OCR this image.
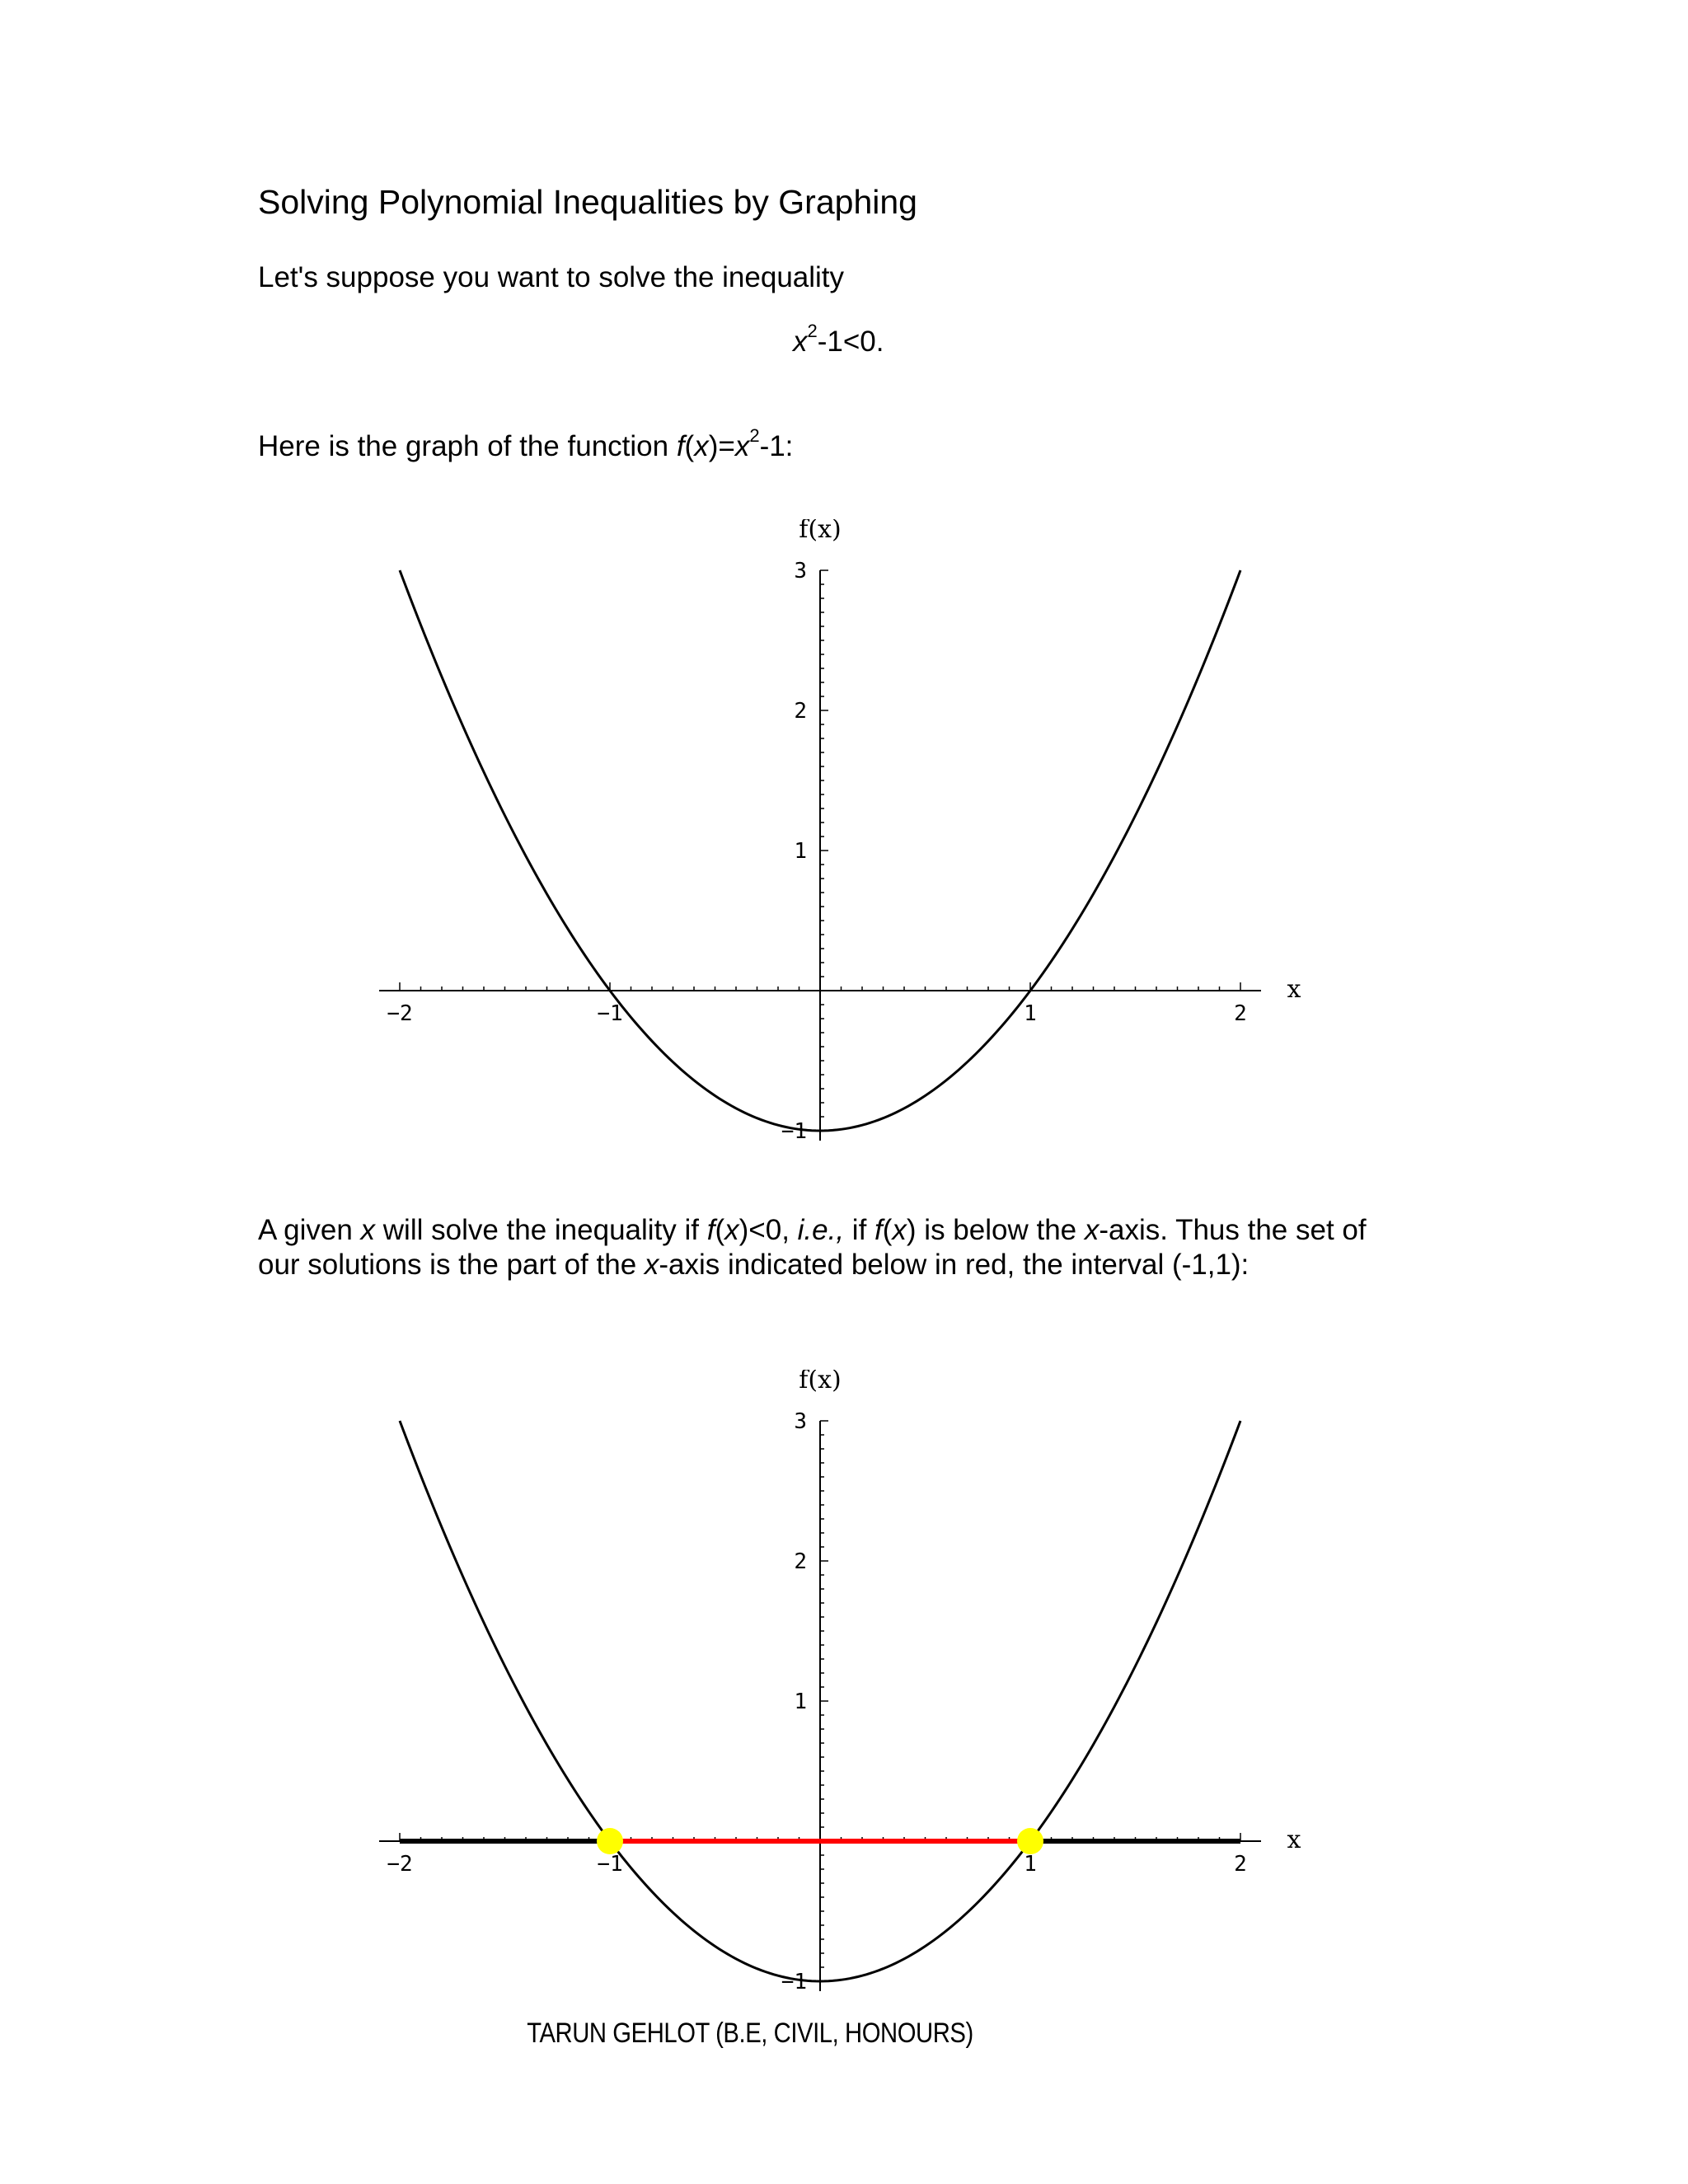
Solving Polynomial Inequalities by Graphing
Let's suppose you want to solve the inequality
$x^2-1<0$.
Here is the graph of the function $f(x)=x^2-1$:
−2	−1	1	2
−1
1
2
3
f(x)
x
A given x will solve the inequality if f(x)<0, i.e., if f(x) is below the x-axis. Thus the set of
our solutions is the part of the x-axis indicated below in red, the interval (-1,1):
−2	−1	1	2
−1
1
2
3
f(x)
x
TARUN GEHLOT (B.E, CIVIL, HONOURS)
